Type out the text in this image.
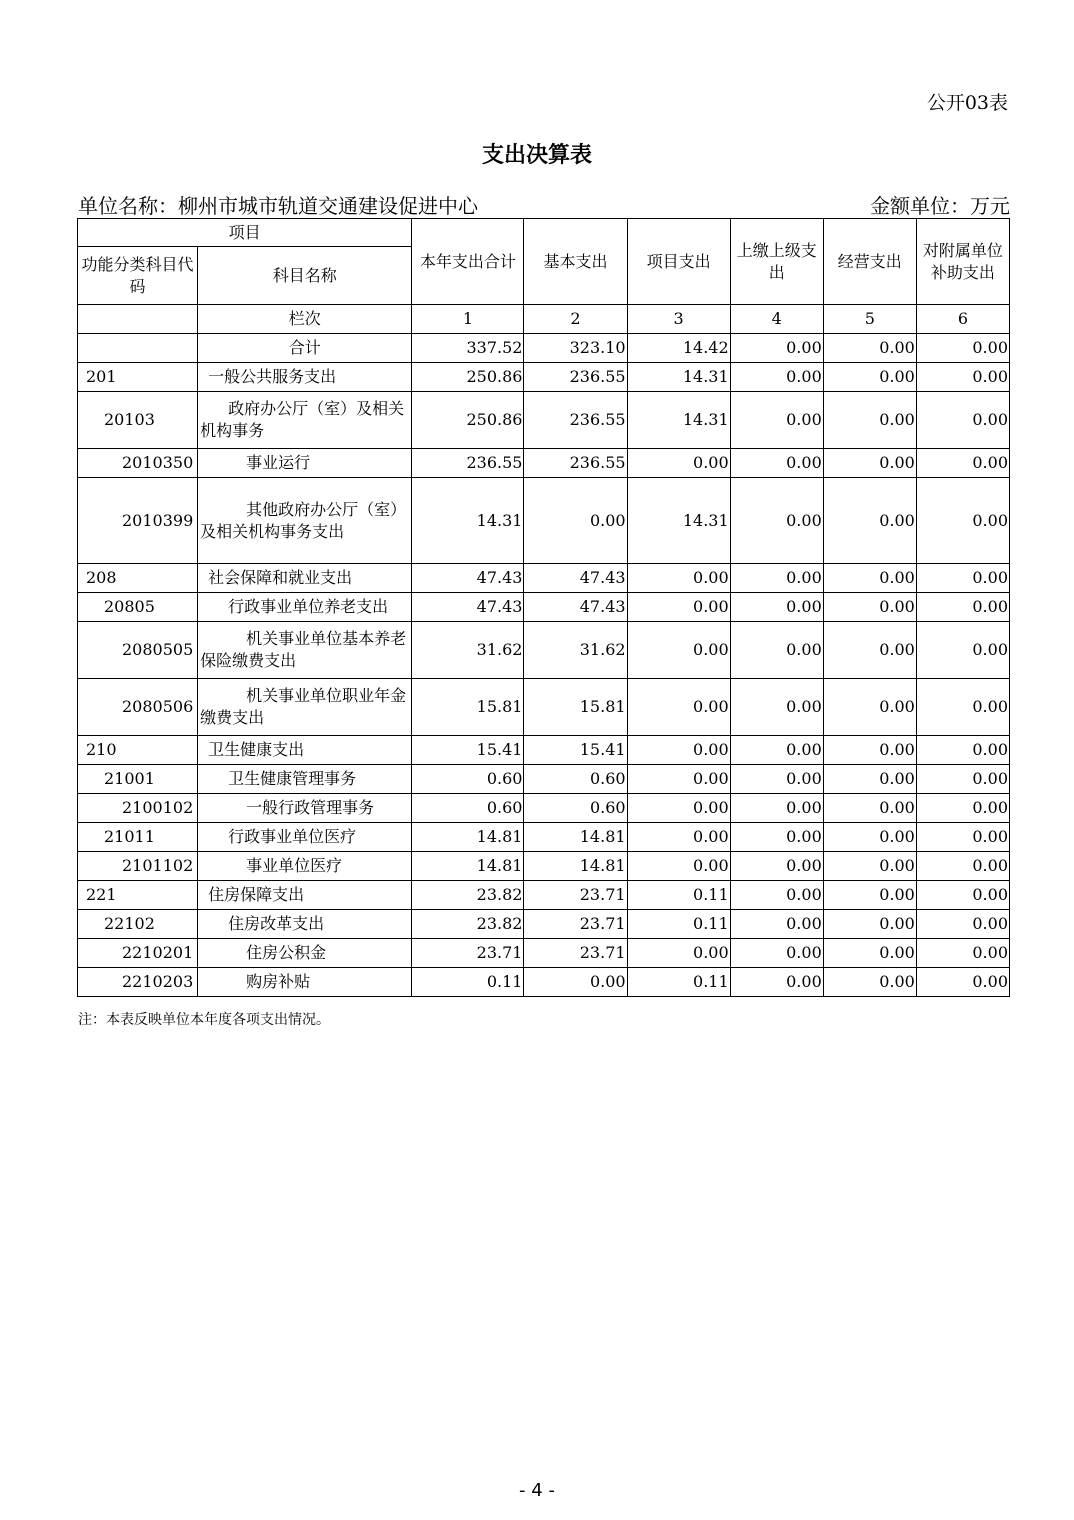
公开03表
支出决算表
单位名称：柳州市城市轨道交通建设促进中心	金额单位：万元
项目		本年支出合计	基本支出	项目支出	上缴上级支出	经营支出	对附属单位补助支出
功能分类科目代码	科目名称						
	栏次	1	2	3	4	5	6
	合计	337.52	323.10	14.42	0.00	0.00	0.00
201	一般公共服务支出	250.86	236.55	14.31	0.00	0.00	0.00
20103	政府办公厅（室）及相关机构事务	250.86	236.55	14.31	0.00	0.00	0.00
2010350	事业运行	236.55	236.55	0.00	0.00	0.00	0.00
2010399	其他政府办公厅（室）及相关机构事务支出	14.31	0.00	14.31	0.00	0.00	0.00
208	社会保障和就业支出	47.43	47.43	0.00	0.00	0.00	0.00
20805	行政事业单位养老支出	47.43	47.43	0.00	0.00	0.00	0.00
2080505	机关事业单位基本养老保险缴费支出	31.62	31.62	0.00	0.00	0.00	0.00
2080506	机关事业单位职业年金缴费支出	15.81	15.81	0.00	0.00	0.00	0.00
210	卫生健康支出	15.41	15.41	0.00	0.00	0.00	0.00
21001	卫生健康管理事务	0.60	0.60	0.00	0.00	0.00	0.00
2100102	一般行政管理事务	0.60	0.60	0.00	0.00	0.00	0.00
21011	行政事业单位医疗	14.81	14.81	0.00	0.00	0.00	0.00
2101102	事业单位医疗	14.81	14.81	0.00	0.00	0.00	0.00
221	住房保障支出	23.82	23.71	0.11	0.00	0.00	0.00
22102	住房改革支出	23.82	23.71	0.11	0.00	0.00	0.00
2210201	住房公积金	23.71	23.71	0.00	0.00	0.00	0.00
2210203	购房补贴	0.11	0.00	0.11	0.00	0.00	0.00
注：本表反映单位本年度各项支出情况。
- 4 -
